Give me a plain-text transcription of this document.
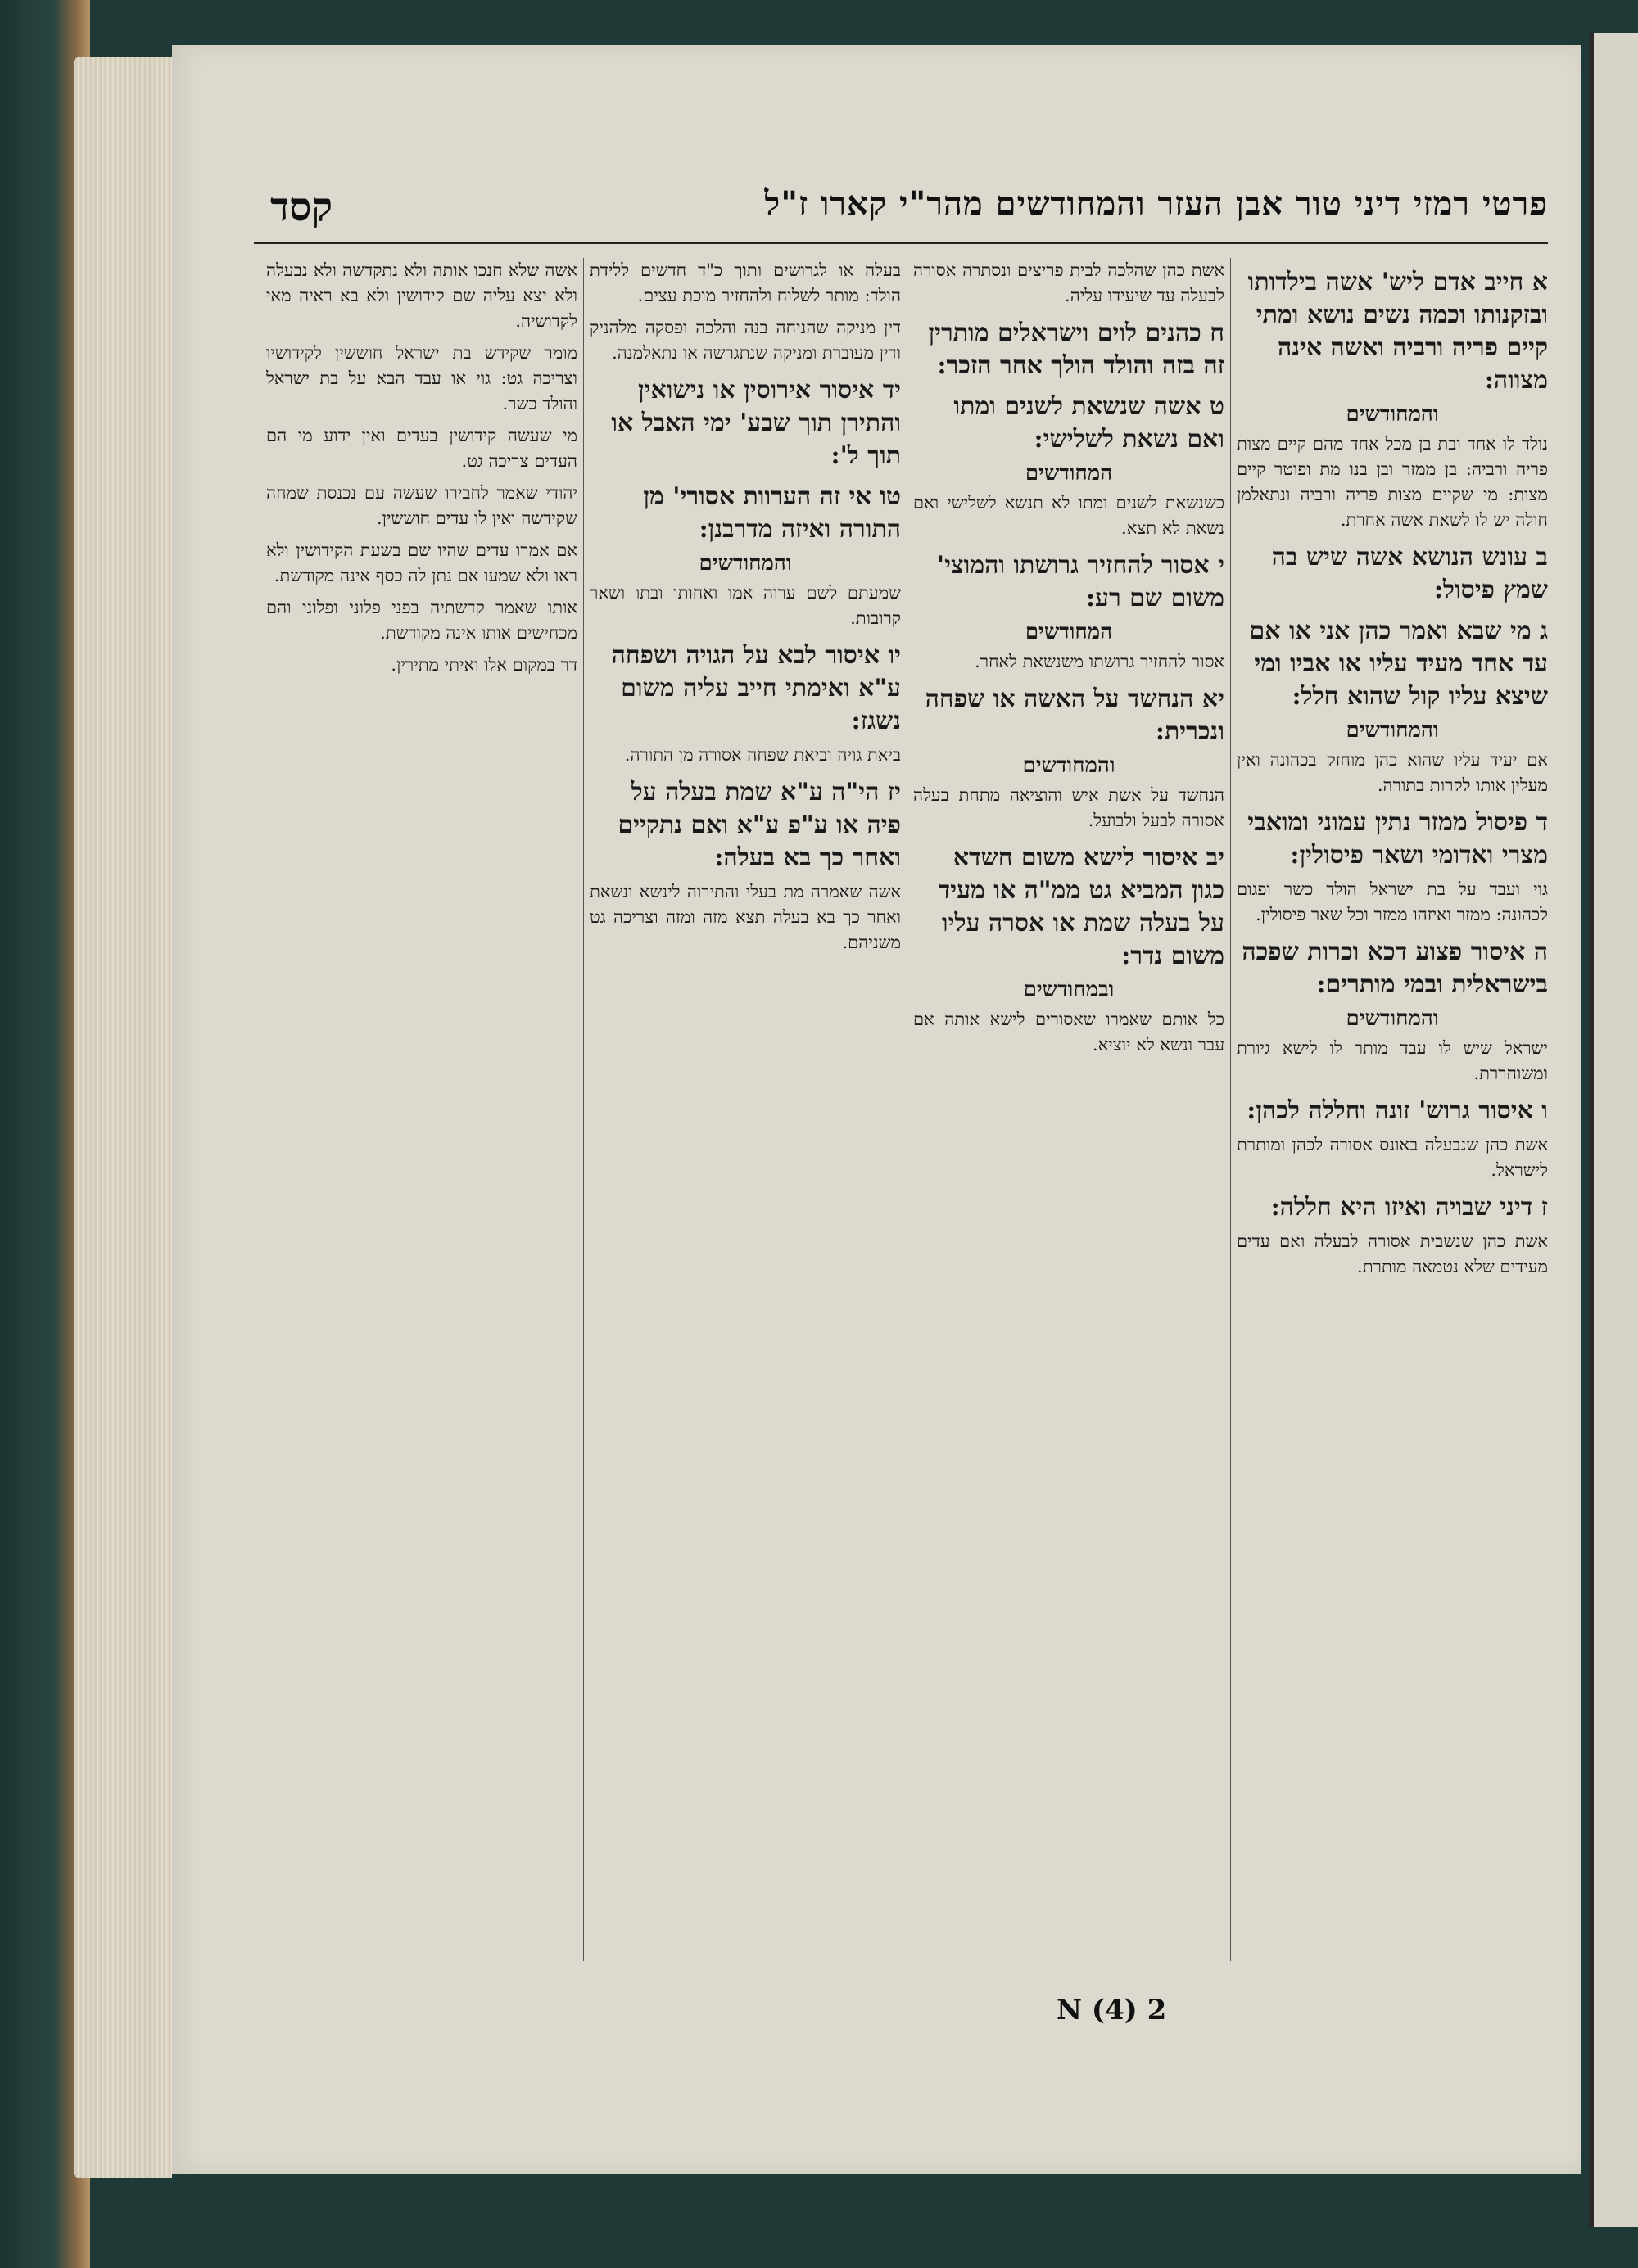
קסד	פרטי רמזי דיני טור אבן העזר והמחודשים מהר"י קארו ז"ל
א חייב אדם ליש' אשה בילדותו ובזקנותו וכמה נשים נושא ומתי קיים פריה ורביה ואשה אינה מצווה:
והמחודשים
נולד לו אחד ובת בן מכל אחד מהם קיים מצות פריה ורביה: בן ממזר ובן בנו מת ופוטר קיים מצות: מי שקיים מצות פריה ורביה ונתאלמן חולה יש לו לשאת אשה אחרת.
ב עונש הנושא אשה שיש בה שמץ פיסול:
ג מי שבא ואמר כהן אני או אם עד אחד מעיד עליו או אביו ומי שיצא עליו קול שהוא חלל:
והמחודשים
אם יעיד עליו שהוא כהן מוחזק בכהונה ואין מעלין אותו לקרות בתורה.
ד פיסול ממזר נתין עמוני ומואבי מצרי ואדומי ושאר פיסולין:
גוי ועבד על בת ישראל הולד כשר ופגום לכהונה: ממזר ואיזהו ממזר וכל שאר פיסולין.
ה איסור פצוע דכא וכרות שפכה בישראלית ובמי מותרים:
והמחודשים
ישראל שיש לו עבד מותר לו לישא גיורת ומשוחררת.
ו איסור גרוש' זונה וחללה לכהן:
אשת כהן שנבעלה באונס אסורה לכהן ומותרת לישראל.
ז דיני שבויה ואיזו היא חללה:
אשת כהן שנשבית אסורה לבעלה ואם עדים מעידים שלא נטמאה מותרת.
אשת כהן שהלכה לבית פריצים ונסתרה אסורה לבעלה עד שיעידו עליה.
ח כהנים לוים וישראלים מותרין זה בזה והולד הולך אחר הזכר:
ט אשה שנשאת לשנים ומתו ואם נשאת לשלישי:
המחודשים
כשנשאת לשנים ומתו לא תנשא לשלישי ואם נשאת לא תצא.
י אסור להחזיר גרושתו והמוצי' משום שם רע:
המחודשים
אסור להחזיר גרושתו משנשאת לאחר.
יא הנחשד על האשה או שפחה ונכרית:
והמחודשים
הנחשד על אשת איש והוציאה מתחת בעלה אסורה לבעל ולבועל.
יב איסור לישא משום חשדא כגון המביא גט ממ"ה או מעיד על בעלה שמת או אסרה עליו משום נדר:
ובמחודשים
כל אותם שאמרו שאסורים לישא אותה אם עבר ונשא לא יוציא.
בעלה או לגרושים ותוך כ"ד חדשים ללידת הולד: מותר לשלוח ולהחזיר מוכת עצים.
דין מניקה שהניחה בנה והלכה ופסקה מלהניק ודין מעוברת ומניקה שנתגרשה או נתאלמנה.
יד איסור אירוסין או נישואין והתירן תוך שבע' ימי האבל או תוך ל':
טו אי זה הערוות אסורי' מן התורה ואיזה מדרבנן:
והמחודשים
שמעתם לשם ערוה אמו ואחותו ובתו ושאר קרובות.
יו איסור לבא על הגויה ושפחה ע"א ואימתי חייב עליה משום נשגז:
ביאת גויה וביאת שפחה אסורה מן התורה.
יז הי"ה ע"א שמת בעלה על פיה או ע"פ ע"א ואם נתקיים ואחר כך בא בעלה:
אשה שאמרה מת בעלי והתירוה לינשא ונשאת ואחר כך בא בעלה תצא מזה ומזה וצריכה גט משניהם.
אשה שלא חנכו אותה ולא נתקדשה ולא נבעלה ולא יצא עליה שם קידושין ולא בא ראיה מאי לקדושיה.
מומר שקידש בת ישראל חוששין לקידושיו וצריכה גט: גוי או עבד הבא על בת ישראל והולד כשר.
מי שעשה קידושין בעדים ואין ידוע מי הם העדים צריכה גט.
יהודי שאמר לחבירו שעשה עם נכנסת שמחה שקידשה ואין לו עדים חוששין.
אם אמרו עדים שהיו שם בשעת הקידושין ולא ראו ולא שמעו אם נתן לה כסף אינה מקודשת.
אותו שאמר קדשתיה בפני פלוני ופלוני והם מכחישים אותו אינה מקודשת.
דר במקום אלו ואיתי מתירין.
N (4) 2
